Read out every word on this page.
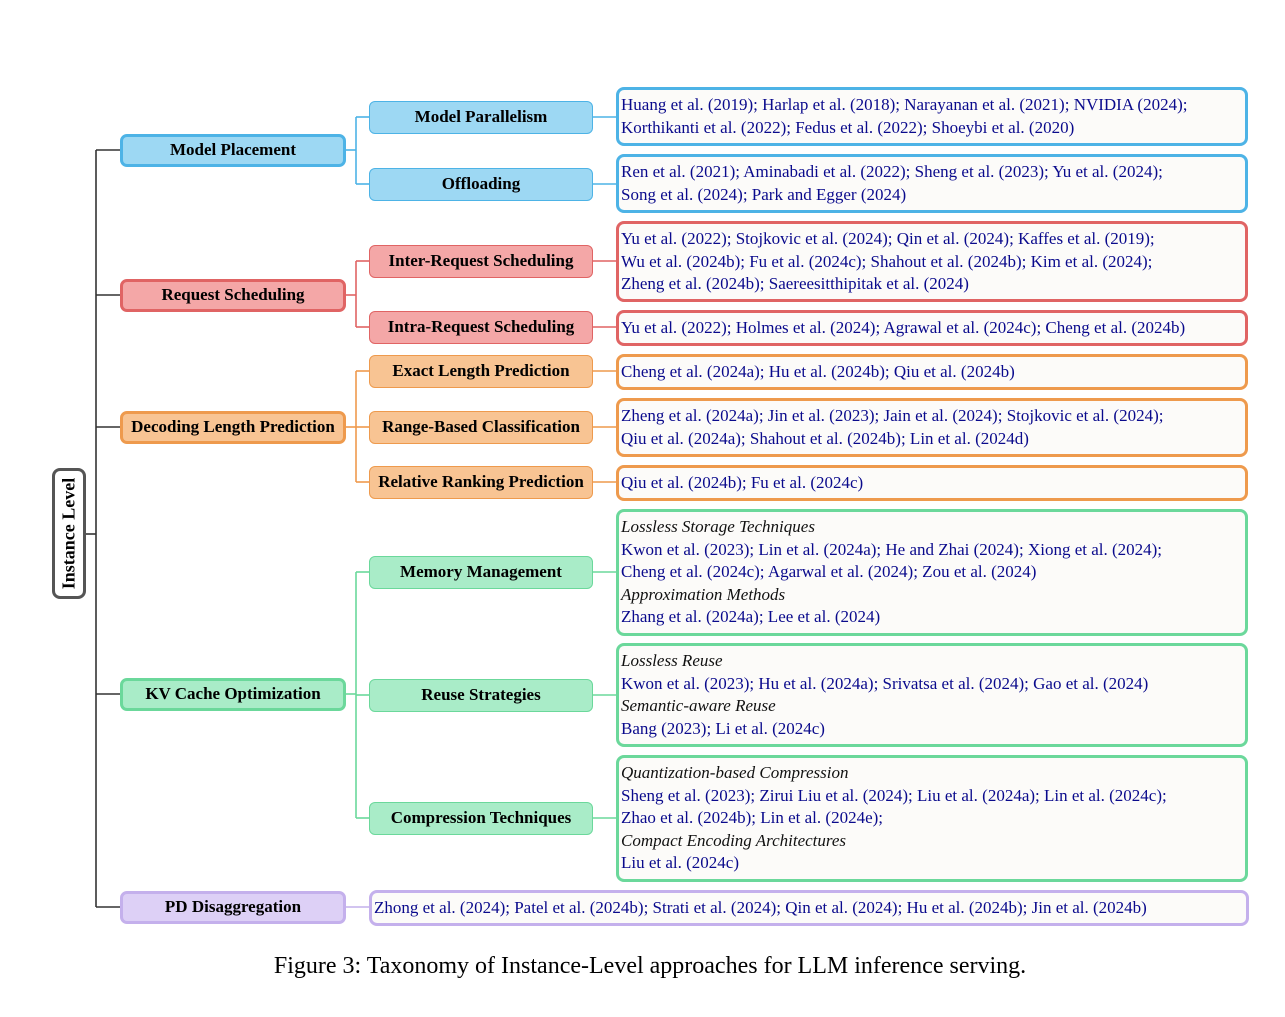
Instance Level
Model Placement
Model Parallelism
Huang et al. (2019); Harlap et al. (2018); Narayanan et al. (2021); NVIDIA (2024);
Korthikanti et al. (2022); Fedus et al. (2022); Shoeybi et al. (2020)
Offloading
Ren et al. (2021); Aminabadi et al. (2022); Sheng et al. (2023); Yu et al. (2024);
Song et al. (2024); Park and Egger (2024)
Request Scheduling
Inter-Request Scheduling
Yu et al. (2022); Stojkovic et al. (2024); Qin et al. (2024); Kaffes et al. (2019);
Wu et al. (2024b); Fu et al. (2024c); Shahout et al. (2024b); Kim et al. (2024);
Zheng et al. (2024b); Saereesitthipitak et al. (2024)
Intra-Request Scheduling	Yu et al. (2022); Holmes et al. (2024); Agrawal et al. (2024c); Cheng et al. (2024b)
Decoding Length Prediction
Exact Length Prediction	Cheng et al. (2024a); Hu et al. (2024b); Qiu et al. (2024b)
Range-Based Classification
Zheng et al. (2024a); Jin et al. (2023); Jain et al. (2024); Stojkovic et al. (2024);
Qiu et al. (2024a); Shahout et al. (2024b); Lin et al. (2024d)
Relative Ranking Prediction Qiu et al. (2024b); Fu et al. (2024c)
KV Cache Optimization
Memory Management
Lossless Storage Techniques
Kwon et al. (2023); Lin et al. (2024a); He and Zhai (2024); Xiong et al. (2024);
Cheng et al. (2024c); Agarwal et al. (2024); Zou et al. (2024)
Approximation Methods
Zhang et al. (2024a); Lee et al. (2024)
Reuse Strategies
Lossless Reuse
Kwon et al. (2023); Hu et al. (2024a); Srivatsa et al. (2024); Gao et al. (2024)
Semantic-aware Reuse
Bang (2023); Li et al. (2024c)
Compression Techniques
Quantization-based Compression
Sheng et al. (2023); Zirui Liu et al. (2024); Liu et al. (2024a); Lin et al. (2024c);
Zhao et al. (2024b); Lin et al. (2024e);
Compact Encoding Architectures
Liu et al. (2024c)
PD Disaggregation	Zhong et al. (2024); Patel et al. (2024b); Strati et al. (2024); Qin et al. (2024); Hu et al. (2024b); Jin et al. (2024b)
Figure 3: Taxonomy of Instance-Level approaches for LLM inference serving.
